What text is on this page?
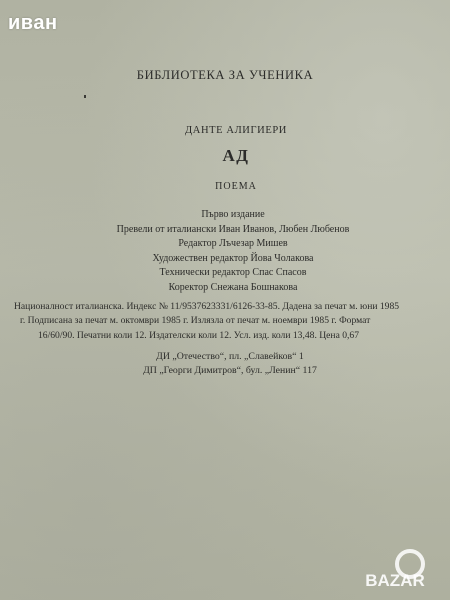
иван
БИБЛИОТЕКА ЗА УЧЕНИКА
ДАНТЕ АЛИГИЕРИ
АД
ПОЕМА
Първо издание
Превели от италиански Иван Иванов, Любен Любенов
Редактор Лъчезар Мишев
Художествен редактор Йова Чолакова
Технически редактор Спас Спасов
Коректор Снежана Бошнакова
Националност италианска. Индекс № 11/9537623331/6126-33-85. Дадена за печат м. юни 1985
г. Подписана за печат м. октомври 1985 г. Излязла от печат м. ноември 1985 г. Формат
16/60/90. Печатни коли 12. Издателски коли 12. Усл. изд. коли 13,48. Цена 0,67
ДИ „Отечество“, пл. „Славейков“ 1
ДП „Георги Димитров“, бул. „Ленин“ 117
BAZAR
